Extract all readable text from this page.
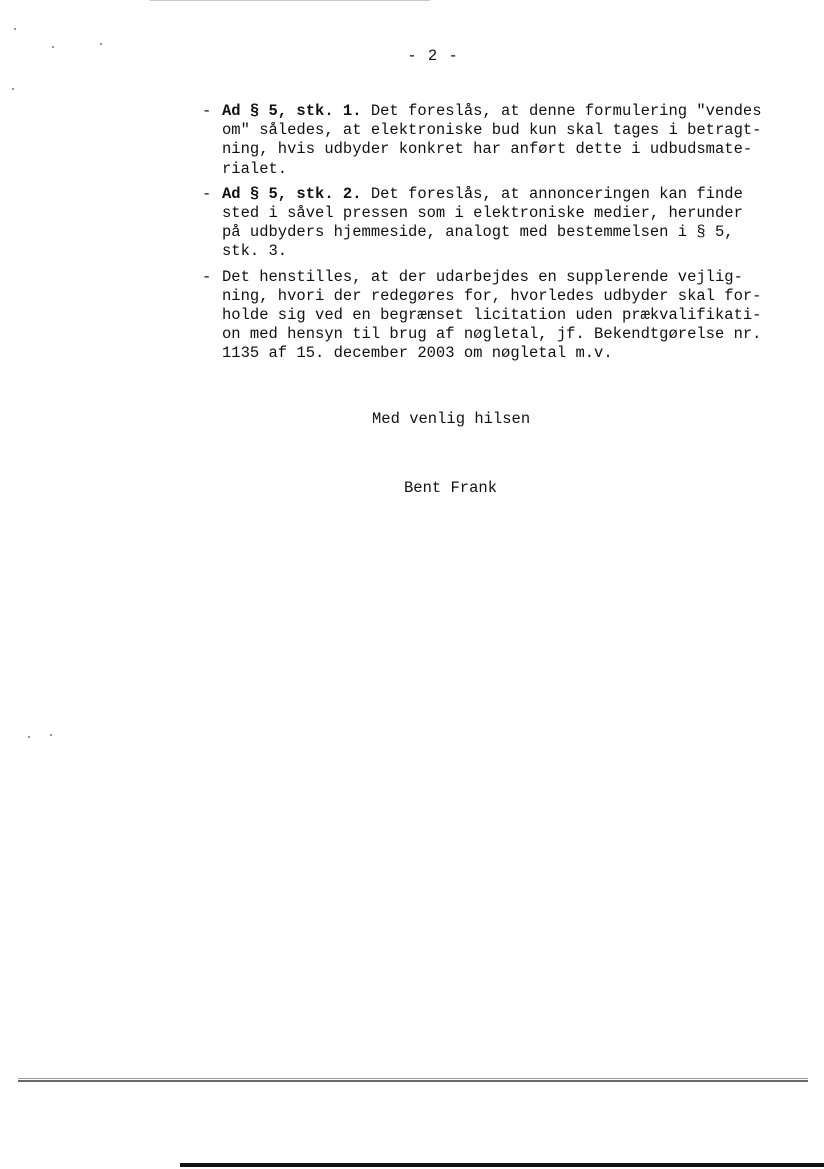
- 2 -
- Ad § 5, stk. 1. Det foreslås, at denne formulering "vendes
om" således, at elektroniske bud kun skal tages i betragt-
ning, hvis udbyder konkret har anført dette i udbudsmate-
rialet.
- Ad § 5, stk. 2. Det foreslås, at annonceringen kan finde
sted i såvel pressen som i elektroniske medier, herunder
på udbyders hjemmeside, analogt med bestemmelsen i § 5,
stk. 3.
- Det henstilles, at der udarbejdes en supplerende vejlig-
ning, hvori der redegøres for, hvorledes udbyder skal for-
holde sig ved en begrænset licitation uden prækvalifikati-
on med hensyn til brug af nøgletal, jf. Bekendtgørelse nr.
1135 af 15. december 2003 om nøgletal m.v.
Med venlig hilsen
Bent Frank
